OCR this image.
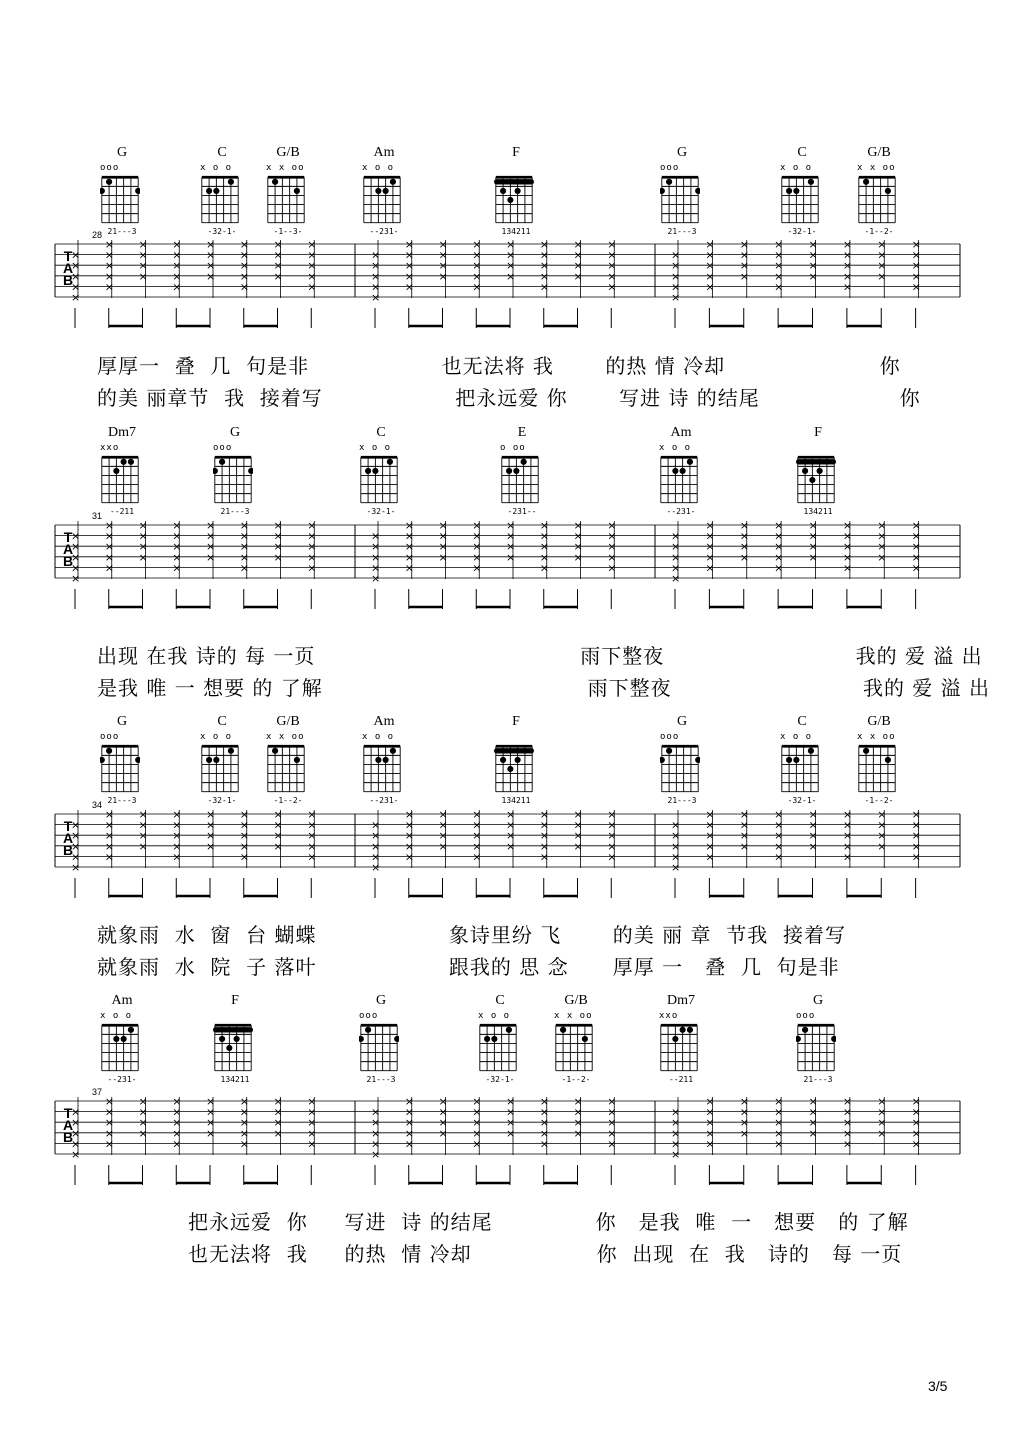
G
ooo
21---3
C
x o o
-32-1-
G/B
x x oo
-1--3-
Am
x o o
--231-
F
134211
G
ooo
21---3
C
x o o
-32-1-
G/B
x x oo
-1--2-
28
T
A
B
×
×
×
×
×
×
×
×
×
×
×
×
×
×
×
×
×
×
×
×
×
×
×
×
×
×
×
×
×
×
×
×
×
×
×
×
×
×
×
×
×
×
×
×
×
×
×
×
×
×
×
×
×
×
×
×
×
×
×
×
×
×
×
×
×
×
×
×
×
×
×
×
×
×
×
×
×
×
×
×
×
×
×
×
×
×
×
×
×
×
×
×
×
×
×
×
×
×
×
×
×
×
×
×
×
×
×
×
×
×
×
厚厚一  叠  几  句是非                  也无法将 我       的热 情 冷却                     你
的美 丽章节  我  接着写                  把永远爱 你       写进 诗 的结尾                   你
Dm7
xxo
--211
G
ooo
21---3
C
x o o
-32-1-
E
o oo
-231--
Am
x o o
--231-
F
134211
31
T
A
B
×
×
×
×
×
×
×
×
×
×
×
×
×
×
×
×
×
×
×
×
×
×
×
×
×
×
×
×
×
×
×
×
×
×
×
×
×
×
×
×
×
×
×
×
×
×
×
×
×
×
×
×
×
×
×
×
×
×
×
×
×
×
×
×
×
×
×
×
×
×
×
×
×
×
×
×
×
×
×
×
×
×
×
×
×
×
×
×
×
×
×
×
×
×
×
×
×
×
×
×
×
×
×
×
×
×
×
×
×
×
×
出现 在我 诗的 每 一页                                    雨下整夜                          我的 爱 溢 出
是我 唯 一 想要 的 了解                                    雨下整夜                          我的 爱 溢 出
G
ooo
21---3
C
x o o
-32-1-
G/B
x x oo
-1--2-
Am
x o o
--231-
F
134211
G
ooo
21---3
C
x o o
-32-1-
G/B
x x oo
-1--2-
34
T
A
B
×
×
×
×
×
×
×
×
×
×
×
×
×
×
×
×
×
×
×
×
×
×
×
×
×
×
×
×
×
×
×
×
×
×
×
×
×
×
×
×
×
×
×
×
×
×
×
×
×
×
×
×
×
×
×
×
×
×
×
×
×
×
×
×
×
×
×
×
×
×
×
×
×
×
×
×
×
×
×
×
×
×
×
×
×
×
×
×
×
×
×
×
×
×
×
×
×
×
×
×
×
×
×
×
×
×
×
×
×
×
×
就象雨  水  窗  台 蝴蝶                  象诗里纷 飞       的美 丽 章  节我  接着写
就象雨  水  院  子 落叶                  跟我的 思 念      厚厚 一   叠  几  句是非
Am
x o o
--231-
F
134211
G
ooo
21---3
C
x o o
-32-1-
G/B
x x oo
-1--2-
Dm7
xxo
--211
G
ooo
21---3
37
T
A
B
×
×
×
×
×
×
×
×
×
×
×
×
×
×
×
×
×
×
×
×
×
×
×
×
×
×
×
×
×
×
×
×
×
×
×
×
×
×
×
×
×
×
×
×
×
×
×
×
×
×
×
×
×
×
×
×
×
×
×
×
×
×
×
×
×
×
×
×
×
×
×
×
×
×
×
×
×
×
×
×
×
×
×
×
×
×
×
×
×
×
×
×
×
×
×
×
×
×
×
×
×
×
×
×
×
×
×
×
×
×
×
把永远爱  你     写进  诗 的结尾              你   是我  唯  一   想要   的 了解
也无法将  我     的热  情 冷却                 你  出现  在  我   诗的   每 一页
3/5
